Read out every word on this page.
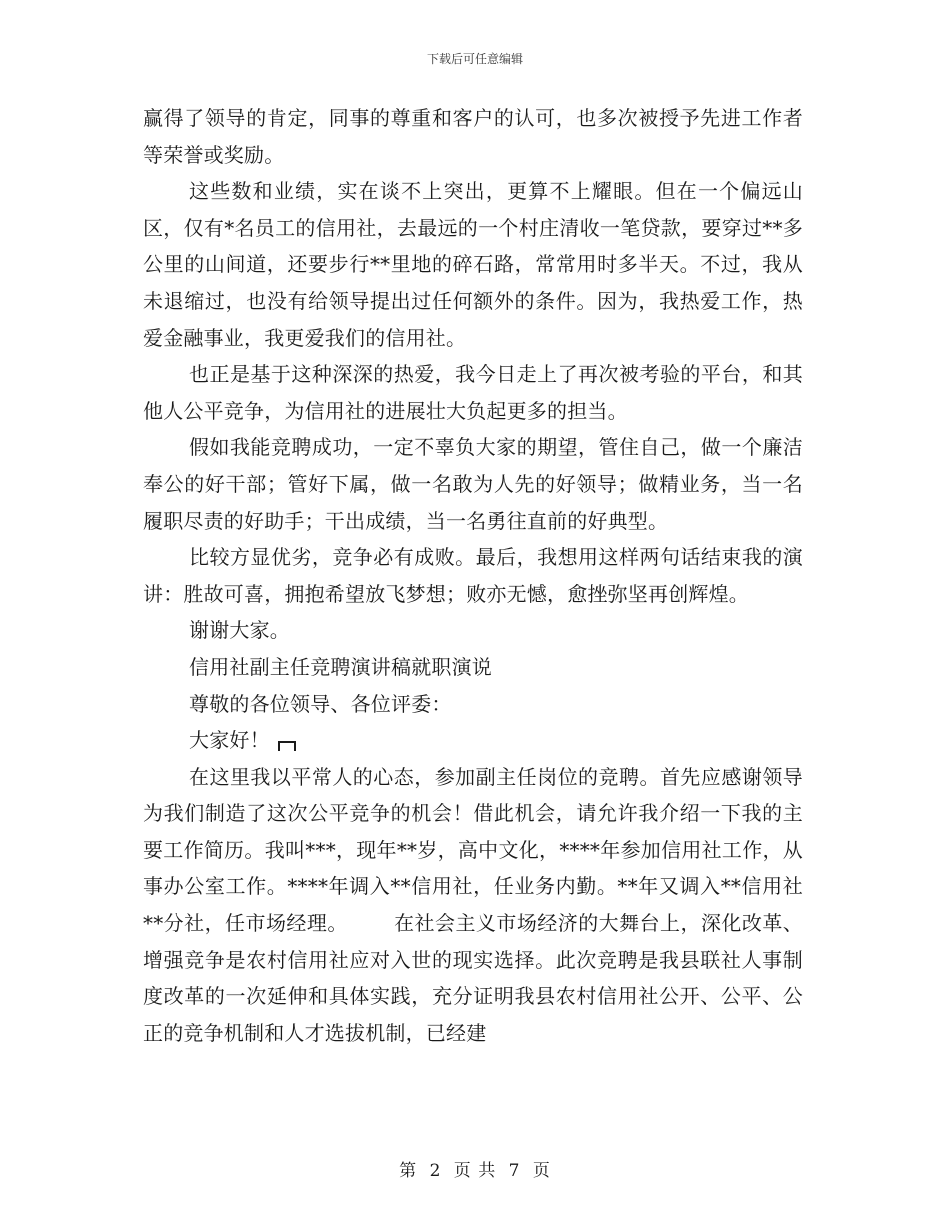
下载后可任意编辑

赢得了领导的肯定，同事的尊重和客户的认可，也多次被授予先进工作者等荣誉或奖励。

这些数和业绩，实在谈不上突出，更算不上耀眼。但在一个偏远山区，仅有*名员工的信用社，去最远的一个村庄清收一笔贷款，要穿过**多公里的山间道，还要步行**里地的碎石路，常常用时多半天。不过，我从未退缩过，也没有给领导提出过任何额外的条件。因为，我热爱工作，热爱金融事业，我更爱我们的信用社。

也正是基于这种深深的热爱，我今日走上了再次被考验的平台，和其他人公平竞争，为信用社的进展壮大负起更多的担当。

假如我能竞聘成功，一定不辜负大家的期望，管住自己，做一个廉洁奉公的好干部；管好下属，做一名敢为人先的好领导；做精业务，当一名履职尽责的好助手；干出成绩，当一名勇往直前的好典型。

比较方显优劣，竞争必有成败。最后，我想用这样两句话结束我的演讲：胜故可喜，拥抱希望放飞梦想；败亦无憾，愈挫弥坚再创辉煌。

谢谢大家。

信用社副主任竞聘演讲稿就职演说

尊敬的各位领导、各位评委：

大家好！

在这里我以平常人的心态，参加副主任岗位的竞聘。首先应感谢领导为我们制造了这次公平竞争的机会！借此机会，请允许我介绍一下我的主要工作简历。我叫***，现年**岁，高中文化，****年参加信用社工作，从事办公室工作。****年调入**信用社，任业务内勤。**年又调入**信用社**分社，任市场经理。 在社会主义市场经济的大舞台上，深化改革、增强竞争是农村信用社应对入世的现实选择。此次竞聘是我县联社人事制度改革的一次延伸和具体实践，充分证明我县农村信用社公开、公平、公正的竞争机制和人才选拔机制，已经建

第 2 页 共 7 页
